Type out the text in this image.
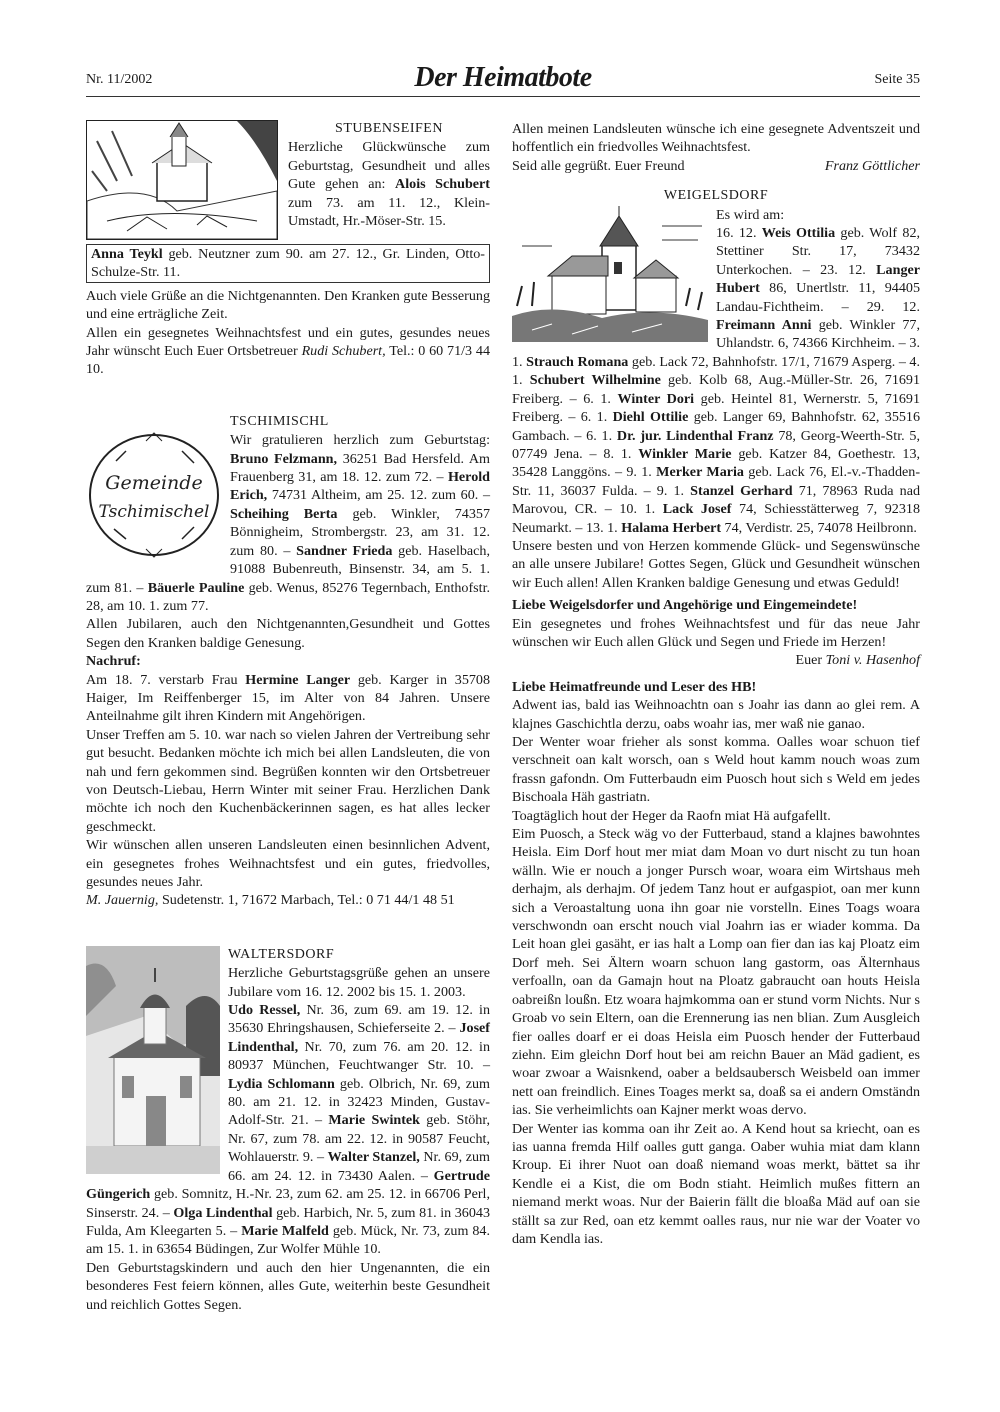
Nr. 11/2002	Der Heimatbote	Seite 35
STUBENSEIFEN

Herzliche Glückwünsche zum Geburtstag, Gesundheit und alles Gute gehen an: Alois Schubert zum 73. am 11. 12., Klein-Umstadt, Hr.-Möser-Str. 15.

Anna Teykl geb. Neutzner zum 90. am 27. 12., Gr. Linden, Otto-Schulze-Str. 11.

Auch viele Grüße an die Nichtgenannten. Den Kranken gute Besserung und eine erträgliche Zeit.

Allen ein gesegnetes Weihnachtsfest und ein gutes, gesundes neues Jahr wünscht Euch Euer Ortsbetreuer Rudi Schubert, Tel.: 0 60 71/3 44 10.

Gemeinde
Tschimischel
TSCHIMISCHL

Wir gratulieren herzlich zum Geburtstag: Bruno Felzmann, 36251 Bad Hersfeld. Am Frauenberg 31, am 18. 12. zum 72. – Herold Erich, 74731 Altheim, am 25. 12. zum 60. – Scheihing Berta geb. Winkler, 74357 Bönnigheim, Strombergstr. 23, am 31. 12. zum 80. – Sandner Frieda geb. Haselbach, 91088 Bubenreuth, Binsenstr. 34, am 5. 1. zum 81. – Bäuerle Pauline geb. Wenus, 85276 Tegernbach, Enthofstr. 28, am 10. 1. zum 77.

Allen Jubilaren, auch den Nichtgenannten,Gesundheit und Gottes Segen den Kranken baldige Genesung.

Nachruf:

Am 18. 7. verstarb Frau Hermine Langer geb. Karger in 35708 Haiger, Im Reiffenberger 15, im Alter von 84 Jahren. Unsere Anteilnahme gilt ihren Kindern mit Angehörigen.

Unser Treffen am 5. 10. war nach so vielen Jahren der Vertreibung sehr gut besucht. Bedanken möchte ich mich bei allen Landsleuten, die von nah und fern gekommen sind. Begrüßen konnten wir den Ortsbetreuer von Deutsch-Liebau, Herrn Winter mit seiner Frau. Herzlichen Dank möchte ich noch den Kuchenbäckerinnen sagen, es hat alles lecker geschmeckt.

Wir wünschen allen unseren Landsleuten einen besinnlichen Advent, ein gesegnetes frohes Weihnachtsfest und ein gutes, friedvolles, gesundes neues Jahr.

M. Jauernig, Sudetenstr. 1, 71672 Marbach, Tel.: 0 71 44/1 48 51

WALTERSDORF

Herzliche Geburtstagsgrüße gehen an unsere Jubilare vom 16. 12. 2002 bis 15. 1. 2003.
Udo Ressel, Nr. 36, zum 69. am 19. 12. in 35630 Ehringshausen, Schieferseite 2. – Josef Lindenthal, Nr. 70, zum 76. am 20. 12. in 80937 München, Feuchtwanger Str. 10. – Lydia Schlomann geb. Olbrich, Nr. 69, zum 80. am 21. 12. in 32423 Minden, Gustav-Adolf-Str. 21. – Marie Swintek geb. Stöhr, Nr. 67, zum 78. am 22. 12. in 90587 Feucht, Wohlauerstr. 9. – Walter Stanzel, Nr. 69, zum 66. am 24. 12. in 73430 Aalen. – Gertrude Güngerich geb. Somnitz, H.-Nr. 23, zum 62. am 25. 12. in 66706 Perl, Sinserstr. 24. – Olga Lindenthal geb. Harbich, Nr. 5, zum 81. in 36043 Fulda, Am Kleegarten 5. – Marie Malfeld geb. Mück, Nr. 73, zum 84. am 15. 1. in 63654 Büdingen, Zur Wolfer Mühle 10.

Den Geburtstagskindern und auch den hier Ungenannten, die ein besonderes Fest feiern können, alles Gute, weiterhin beste Gesundheit und reichlich Gottes Segen.

Allen meinen Landsleuten wünsche ich eine gesegnete Adventszeit und hoffentlich ein friedvolles Weihnachtsfest.

Seid alle gegrüßt. Euer Freund	Franz Göttlicher
WEIGELSDORF

Es wird am:
16. 12. Weis Ottilia geb. Wolf 82, Stettiner Str. 17, 73432 Unterkochen. – 23. 12. Langer Hubert 86, Unertlstr. 11, 94405 Landau-Fichtheim. – 29. 12. Freimann Anni geb. Winkler 77, Uhlandstr. 6, 74366 Kirchheim. – 3. 1. Strauch Romana geb. Lack 72, Bahnhofstr. 17/1, 71679 Asperg. – 4. 1. Schubert Wilhelmine geb. Kolb 68, Aug.-Müller-Str. 26, 71691 Freiberg. – 6. 1. Winter Dori geb. Heintel 81, Wernerstr. 5, 71691 Freiberg. – 6. 1. Diehl Ottilie geb. Langer 69, Bahnhofstr. 62, 35516 Gambach. – 6. 1. Dr. jur. Lindenthal Franz 78, Georg-Weerth-Str. 5, 07749 Jena. – 8. 1. Winkler Marie geb. Katzer 84, Goethestr. 13, 35428 Langgöns. – 9. 1. Merker Maria geb. Lack 76, El.-v.-Thadden-Str. 11, 36037 Fulda. – 9. 1. Stanzel Gerhard 71, 78963 Ruda nad Marovou, CR. – 10. 1. Lack Josef 74, Schiesstätterweg 7, 92318 Neumarkt. – 13. 1. Halama Herbert 74, Verdistr. 25, 74078 Heilbronn.

Unsere besten und von Herzen kommende Glück- und Segenswünsche an alle unsere Jubilare! Gottes Segen, Glück und Gesundheit wünschen wir Euch allen! Allen Kranken baldige Genesung und etwas Geduld!

Liebe Weigelsdorfer und Angehörige und Eingemeindete!

Ein gesegnetes und frohes Weihnachtsfest und für das neue Jahr wünschen wir Euch allen Glück und Segen und Friede im Herzen!

Euer Toni v. Hasenhof

Liebe Heimatfreunde und Leser des HB!

Adwent ias, bald ias Weihnoachtn oan s Joahr ias dann ao glei rem. A klajnes Gaschichtla derzu, oabs woahr ias, mer waß nie ganao.

Der Wenter woar frieher als sonst komma. Oalles woar schuon tief verschneit oan kalt worsch, oan s Weld hout kamm nouch woas zum frassn gafondn. Om Futterbaudn eim Puosch hout sich s Weld em jedes Bischoala Häh gastriatn.

Toagtäglich hout der Heger da Raofn miat Hä aufgafellt.

Eim Puosch, a Steck wäg vo der Futterbaud, stand a klajnes bawohntes Heisla. Eim Dorf hout mer miat dam Moan vo durt nischt zu tun hoan wälln. Wie er nouch a jonger Pursch woar, woara eim Wirtshaus meh derhajm, als derhajm. Of jedem Tanz hout er aufgaspiot, oan mer kunn sich a Veroastaltung uona ihn goar nie vorstelln. Eines Toags woara verschwondn oan erscht nouch vial Joahrn ias er wiader komma. Da Leit hoan glei gasäht, er ias halt a Lomp oan fier dan ias kaj Ploatz eim Dorf meh. Sei Ältern woarn schuon lang gastorm, oas Älternhaus verfoalln, oan da Gamajn hout na Ploatz gabraucht oan houts Heisla oabreißn loußn. Etz woara hajmkomma oan er stund vorm Nichts. Nur s Groab vo sein Eltern, oan die Erennerung ias nen blian. Zum Ausgleich fier oalles doarf er ei doas Heisla eim Puosch hender der Futterbaud ziehn. Eim gleichn Dorf hout bei am reichn Bauer an Mäd gadient, es woar zwoar a Waisnkend, oaber a beldsaubersch Weisbeld oan immer nett oan freindlich. Eines Toages merkt sa, doaß sa ei andern Omständn ias. Sie verheimlichts oan Kajner merkt woas dervo.

Der Wenter ias komma oan ihr Zeit ao. A Kend hout sa kriecht, oan es ias uanna fremda Hilf oalles gutt ganga. Oaber wuhia miat dam klann Kroup. Ei ihrer Nuot oan doaß niemand woas merkt, bättet sa ihr Kendle ei a Kist, die om Bodn stiaht. Heimlich mußes fittern an niemand merkt woas. Nur der Baierin fällt die bloaßa Mäd auf oan sie ställt sa zur Red, oan etz kemmt oalles raus, nur nie war der Voater vo dam Kendla ias.
